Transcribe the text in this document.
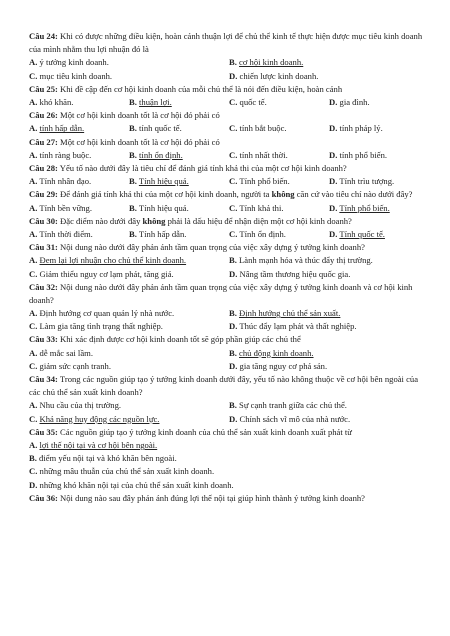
Câu 24: Khi có được những điều kiện, hoàn cảnh thuận lợi để chủ thể kinh tế thực hiện được mục tiêu kinh doanh của mình nhằm thu lợi nhuận đó là
A. ý tưởng kinh doanh.	B. cơ hội kinh doanh.
C. mục tiêu kinh doanh.	D. chiến lược kinh doanh.
Câu 25: Khi đề cập đến cơ hội kinh doanh của mỗi chủ thể là nói đến điều kiện, hoàn cảnh
A. khó khăn.	B. thuận lợi.	C. quốc tế.	D. gia đình.
Câu 26: Một cơ hội kinh doanh tốt là cơ hội đó phải có
A. tính hấp dẫn.	B. tính quốc tế.	C. tính bắt buộc.	D. tính pháp lý.
Câu 27: Một cơ hội kinh doanh tốt là cơ hội đó phải có
A. tính ràng buộc.	B. tính ổn định.	C. tính nhất thời.	D. tính phổ biến.
Câu 28: Yếu tố nào dưới đây là tiêu chí để đánh giá tính khả thi của một cơ hội kinh doanh?
A. Tính nhân đạo.	B. Tính hiệu quả.	C. Tính phổ biến.	D. Tính trìu tượng.
Câu 29: Để đánh giá tính khả thi của một cơ hội kinh doanh, người ta không căn cứ vào tiêu chí nào dưới đây?
A. Tính bền vững.	B. Tính hiệu quả.	C. Tính khả thi.	D. Tính phổ biến.
Câu 30: Đặc điểm nào dưới đây không phải là dấu hiệu để nhận diện một cơ hội kinh doanh?
A. Tính thời điểm.	B. Tính hấp dẫn.	C. Tính ổn định.	D. Tính quốc tế.
Câu 31: Nội dung nào dưới đây phản ánh tầm quan trọng của việc xây dựng ý tưởng kinh doanh?
A. Đem lại lợi nhuận cho chủ thể kinh doanh.	B. Lành mạnh hóa và thúc đẩy thị trường.
C. Giảm thiểu nguy cơ lạm phát, tăng giá.	D. Nâng tầm thương hiệu quốc gia.
Câu 32: Nội dung nào dưới đây phản ánh tầm quan trọng của việc xây dựng ý tưởng kinh doanh và cơ hội kinh doanh?
A. Định hướng cơ quan quản lý nhà nước.	B. Định hướng chủ thể sản xuất.
C. Làm gia tăng tình trạng thất nghiệp.	D. Thúc đẩy lạm phát và thất nghiệp.
Câu 33: Khi xác định được cơ hội kinh doanh tốt sẽ góp phần giúp các chủ thể
A. dễ mắc sai lầm.	B. chủ động kinh doanh.
C. giảm sức cạnh tranh.	D. gia tăng nguy cơ phá sản.
Câu 34: Trong các nguồn giúp tạo ý tưởng kinh doanh dưới đây, yếu tố nào không thuộc về cơ hội bên ngoài của các chủ thể sản xuất kinh doanh?
A. Nhu cầu của thị trường.	B. Sự cạnh tranh giữa các chủ thể.
C. Khả năng huy động các nguồn lực.	D. Chính sách vĩ mô của nhà nước.
Câu 35: Các nguồn giúp tạo ý tưởng kinh doanh của chủ thể sản xuất kinh doanh xuất phát từ
A. lợi thế nội tại và cơ hội bên ngoài.
B. điểm yếu nội tại và khó khăn bên ngoài.
C. những mâu thuẫn của chủ thể sản xuất kinh doanh.
D. những khó khăn nội tại của chủ thể sản xuất kinh doanh.
Câu 36: Nội dung nào sau đây phản ánh đúng lợi thế nội tại giúp hình thành ý tưởng kinh doanh?
